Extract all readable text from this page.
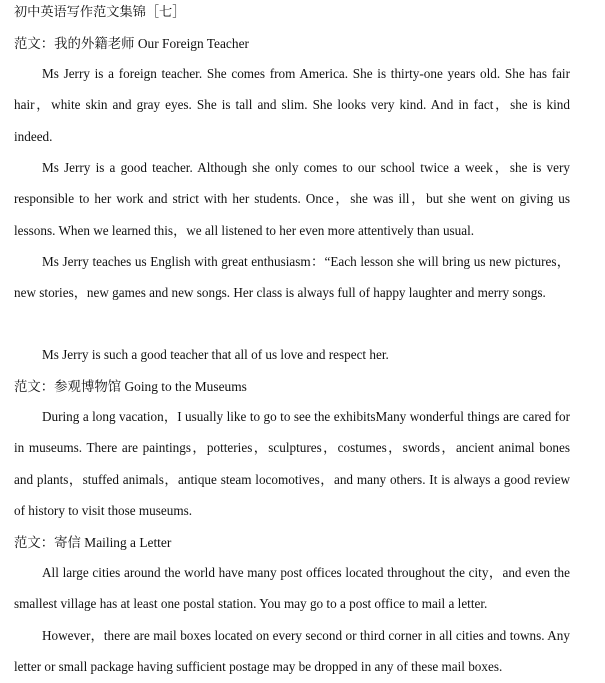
初中英语写作范文集锦［七］
范文：我的外籍老师 Our Foreign Teacher
Ms Jerry is a foreign teacher. She comes from America. She is thirty-one years old. She has fair hair，white skin and gray eyes. She is tall and slim. She looks very kind. And in fact，she is kind indeed.
Ms Jerry is a good teacher. Although she only comes to our school twice a week，she is very responsible to her work and strict with her students. Once，she was ill，but she went on giving us lessons. When we learned this，we all listened to her even more attentively than usual.
Ms Jerry teaches us English with great enthusiasm：“Each lesson she will bring us new pictures，new stories，new games and new songs. Her class is always full of happy laughter and merry songs.
Ms Jerry is such a good teacher that all of us love and respect her.
范文：参观博物馆 Going to the Museums
During a long vacation，I usually like to go to see the exhibitsMany wonderful things are cared for in museums. There are paintings，potteries，sculptures，costumes，swords，ancient animal bones and plants，stuffed animals，antique steam locomotives，and many others. It is always a good review of history to visit those museums.
范文：寄信 Mailing a Letter
All large cities around the world have many post offices located throughout the city，and even the smallest village has at least one postal station. You may go to a post office to mail a letter.
However，there are mail boxes located on every second or third corner in all cities and towns. Any letter or small package having sufficient postage may be dropped in any of these mail boxes.
